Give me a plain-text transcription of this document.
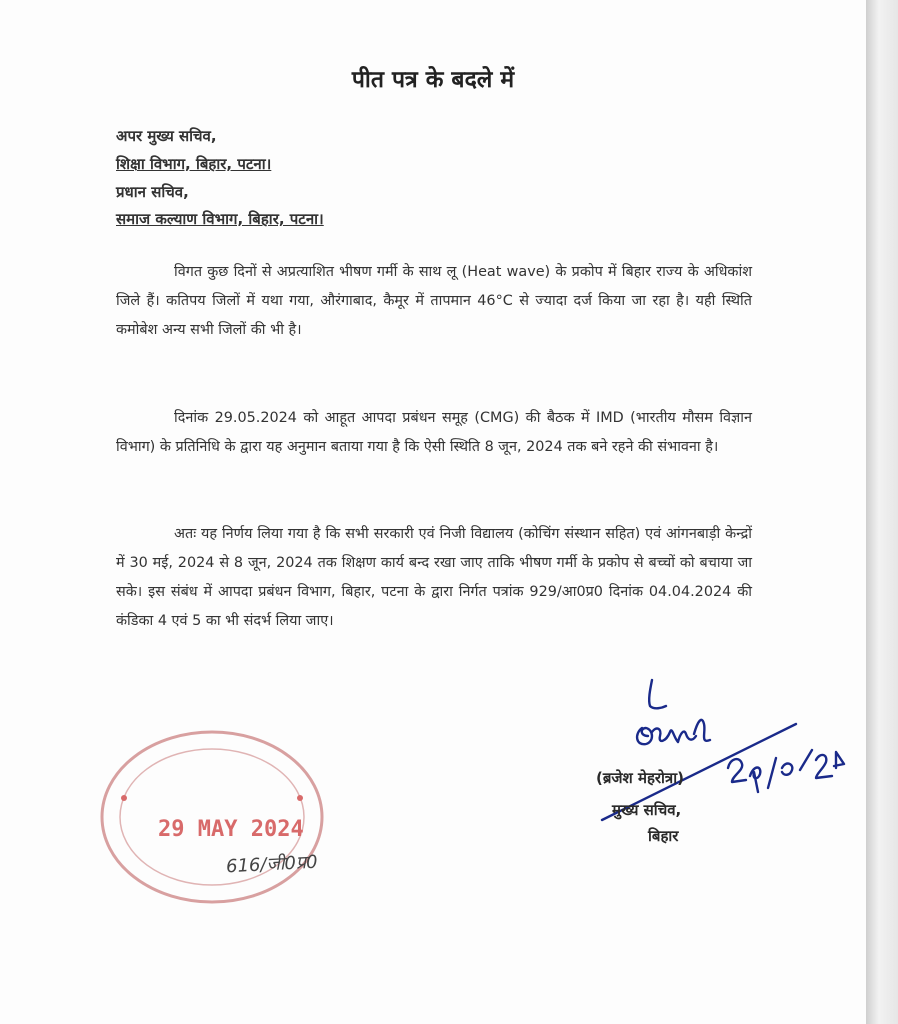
पीत पत्र के बदले में
अपर मुख्य सचिव,
शिक्षा विभाग, बिहार, पटना।
प्रधान सचिव,
समाज कल्याण विभाग, बिहार, पटना।

विगत कुछ दिनों से अप्रत्याशित भीषण गर्मी के साथ लू (Heat wave) के प्रकोप में बिहार राज्य के अधिकांश जिले हैं। कतिपय जिलों में यथा गया, औरंगाबाद, कैमूर में तापमान 46°C से ज्यादा दर्ज किया जा रहा है। यही स्थिति कमोबेश अन्य सभी जिलों की भी है।

दिनांक 29.05.2024 को आहूत आपदा प्रबंधन समूह (CMG) की बैठक में IMD (भारतीय मौसम विज्ञान विभाग) के प्रतिनिधि के द्वारा यह अनुमान बताया गया है कि ऐसी स्थिति 8 जून, 2024 तक बने रहने की संभावना है।

अतः यह निर्णय लिया गया है कि सभी सरकारी एवं निजी विद्यालय (कोचिंग संस्थान सहित) एवं आंगनबाड़ी केन्द्रों में 30 मई, 2024 से 8 जून, 2024 तक शिक्षण कार्य बन्द रखा जाए ताकि भीषण गर्मी के प्रकोप से बच्चों को बचाया जा सके। इस संबंध में आपदा प्रबंधन विभाग, बिहार, पटना के द्वारा निर्गत पत्रांक 929/आ0प्र0 दिनांक 04.04.2024 की कंडिका 4 एवं 5 का भी संदर्भ लिया जाए।

(ब्रजेश मेहरोत्रा)
मुख्य सचिव,
बिहार
29 MAY 2024
616/जी0प्र0
